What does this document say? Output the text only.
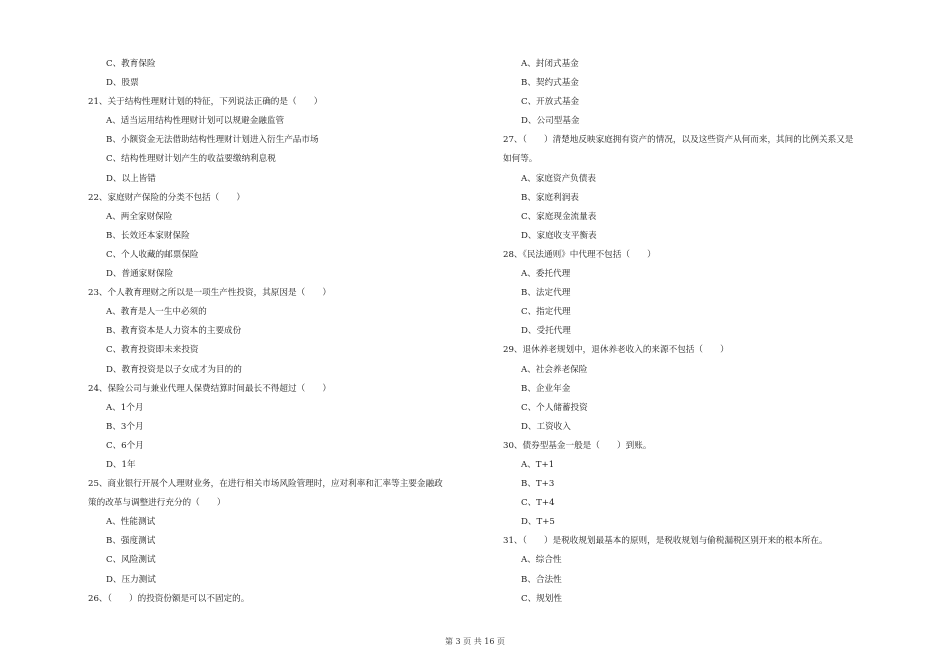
C、教育保险
D、股票
21、关于结构性理财计划的特征，下列说法正确的是（　　）
A、适当运用结构性理财计划可以规避金融监管
B、小额资金无法借助结构性理财计划进入衍生产品市场
C、结构性理财计划产生的收益要缴纳利息税
D、以上皆错
22、家庭财产保险的分类不包括（　　）
A、两全家财保险
B、长效还本家财保险
C、个人收藏的邮票保险
D、普通家财保险
23、个人教育理财之所以是一项生产性投资，其原因是（　　）
A、教育是人一生中必须的
B、教育资本是人力资本的主要成份
C、教育投资即未来投资
D、教育投资是以子女成才为目的的
24、保险公司与兼业代理人保费结算时间最长不得超过（　　）
A、1个月
B、3个月
C、6个月
D、1年
25、商业银行开展个人理财业务，在进行相关市场风险管理时，应对利率和汇率等主要金融政
策的改革与调整进行充分的（　　）
A、性能测试
B、强度测试
C、风险测试
D、压力测试
26、（　　）的投资份额是可以不固定的。
A、封闭式基金
B、契约式基金
C、开放式基金
D、公司型基金
27、（　　）清楚地反映家庭拥有资产的情况，以及这些资产从何而来，其间的比例关系又是
如何等。
A、家庭资产负债表
B、家庭利润表
C、家庭现金流量表
D、家庭收支平衡表
28、《民法通则》中代理不包括（　　）
A、委托代理
B、法定代理
C、指定代理
D、受托代理
29、退休养老规划中，退休养老收入的来源不包括（　　）
A、社会养老保险
B、企业年金
C、个人储蓄投资
D、工资收入
30、债券型基金一般是（　　）到账。
A、T+1
B、T+3
C、T+4
D、T+5
31、（　　）是税收规划最基本的原则，是税收规划与偷税漏税区别开来的根本所在。
A、综合性
B、合法性
C、规划性
第 3 页 共 16 页
